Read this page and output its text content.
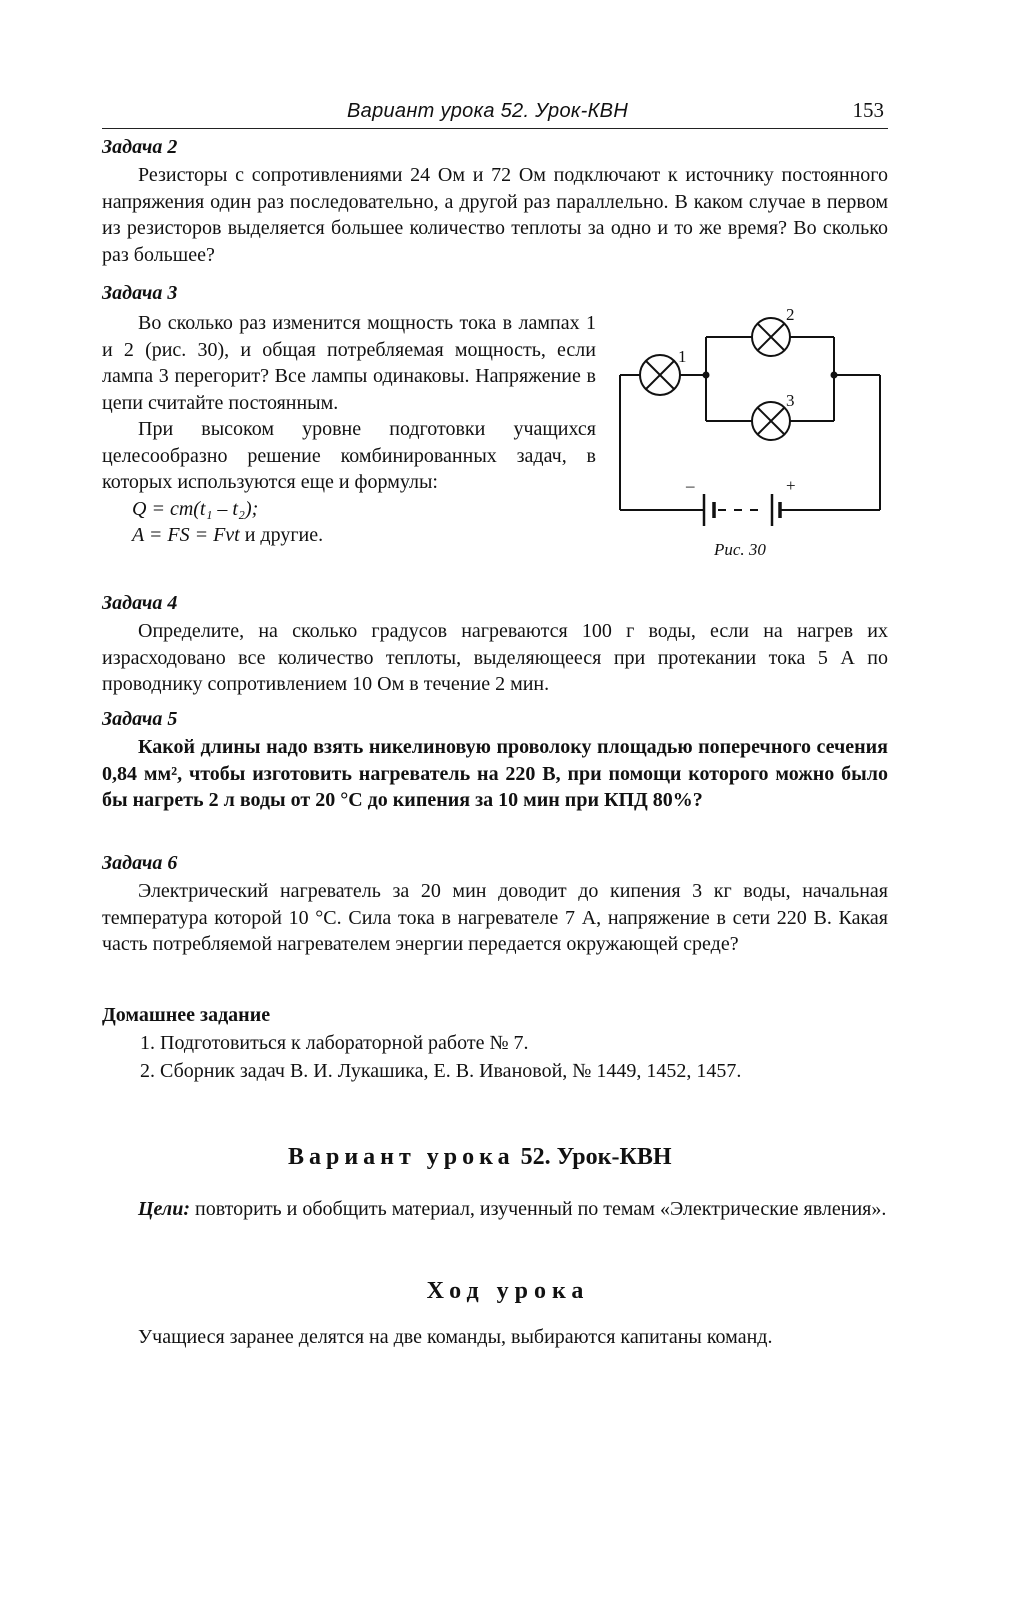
Вариант урока 52. Урок-КВН	153
Задача 2

Резисторы с сопротивлениями 24 Ом и 72 Ом подключают к источнику постоянного напряжения один раз последовательно, а другой раз параллельно. В каком случае в первом из резисторов выделяется большее количество теплоты за одно и то же время? Во сколько раз большее?

Задача 3

Во сколько раз изменится мощность тока в лампах 1 и 2 (рис. 30), и общая потребляемая мощность, если лампа 3 перегорит? Все лампы одинаковы. Напряжение в цепи считайте постоянным.

При высоком уровне подготовки учащихся целесообразно решение комбинированных задач, в которых используются еще и формулы:

Q = cm(t₁ – t₂);
A = FS = Fvt и другие.
1
2
3
–	+
Рис. 30
Задача 4

Определите, на сколько градусов нагреваются 100 г воды, если на нагрев их израсходовано все количество теплоты, выделяющееся при протекании тока 5 А по проводнику сопротивлением 10 Ом в течение 2 мин.

Задача 5

Какой длины надо взять никелиновую проволоку площадью поперечного сечения 0,84 мм², чтобы изготовить нагреватель на 220 В, при помощи которого можно было бы нагреть 2 л воды от 20 °С до кипения за 10 мин при КПД 80%?

Задача 6

Электрический нагреватель за 20 мин доводит до кипения 3 кг воды, начальная температура которой 10 °С. Сила тока в нагревателе 7 А, напряжение в сети 220 В. Какая часть потребляемой нагревателем энергии передается окружающей среде?

Домашнее задание
1. Подготовиться к лабораторной работе № 7.
2. Сборник задач В. И. Лукашика, Е. В. Ивановой, № 1449, 1452, 1457.
Вариант урока 52. Урок-КВН

Цели: повторить и обобщить материал, изученный по темам «Электрические явления».

Ход урока

Учащиеся заранее делятся на две команды, выбираются капитаны команд.
